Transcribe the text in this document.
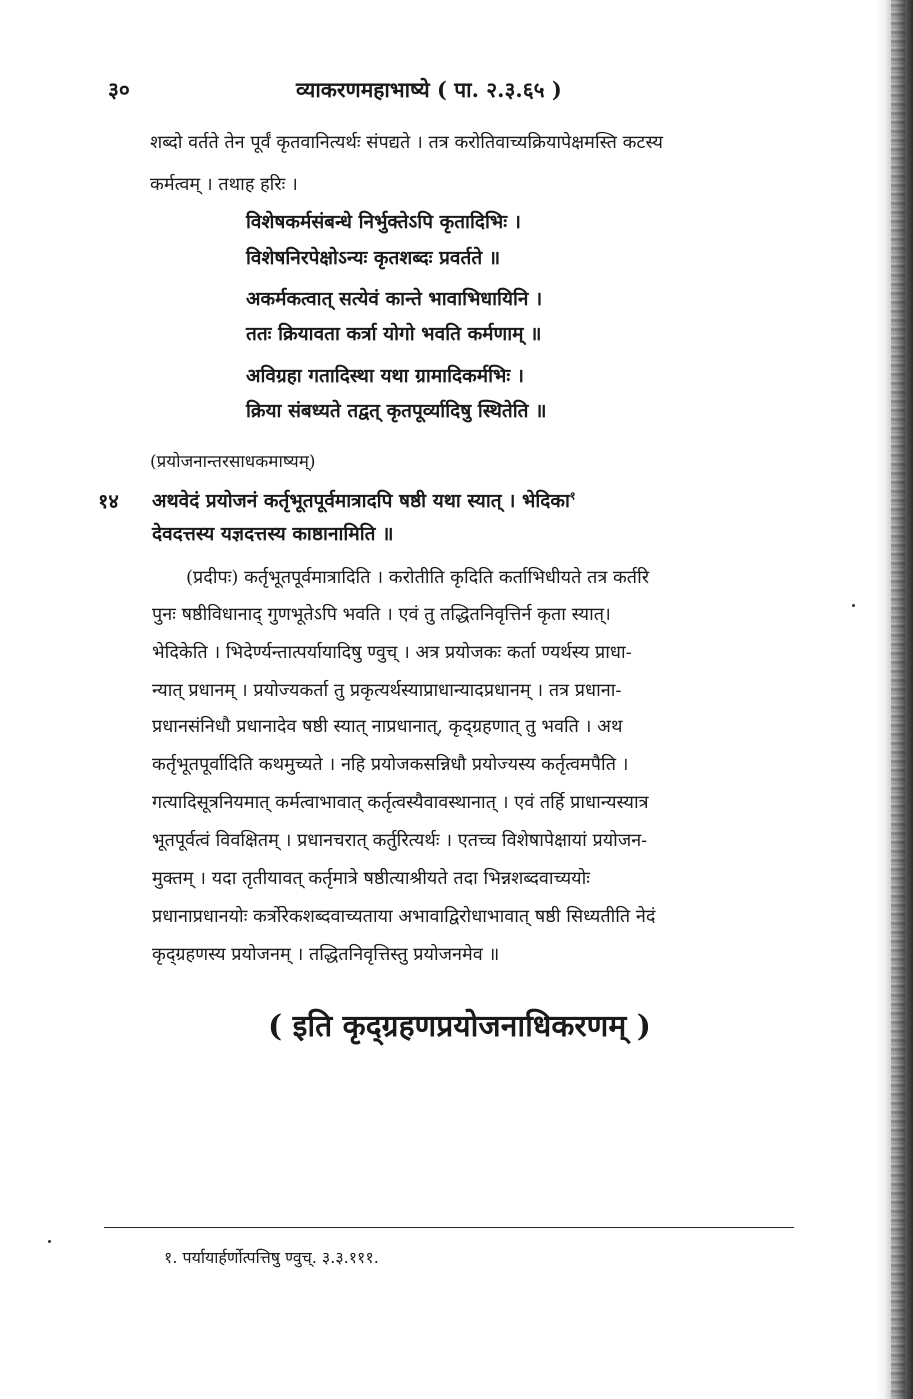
३०	व्याकरणमहाभाष्ये ( पा. २.३.६५ )
शब्दो वर्तते तेन पूर्वं कृतवानित्यर्थः संपद्यते । तत्र करोतिवाच्यक्रियापेक्षमस्ति कटस्य
कर्मत्वम् । तथाह हरिः ।
विशेषकर्मसंबन्धे निर्भुक्तेऽपि कृतादिभिः ।
विशेषनिरपेक्षोऽन्यः कृतशब्दः प्रवर्तते ॥
अकर्मकत्वात् सत्येवं कान्ते भावाभिधायिनि ।
ततः क्रियावता कर्त्रा योगो भवति कर्मणाम् ॥
अविग्रहा गतादिस्था यथा ग्रामादिकर्मभिः ।
क्रिया संबध्यते तद्वत् कृतपूर्व्यादिषु स्थितेति ॥
(प्रयोजनान्तरसाधकमाष्यम्)
१४ अथवेदं प्रयोजनं कर्तृभूतपूर्वमात्रादपि षष्ठी यथा स्यात् । भेदिका$^१$
देवदत्तस्य यज्ञदत्तस्य काष्ठानामिति ॥
(प्रदीपः) कर्तृभूतपूर्वमात्रादिति । करोतीति कृदिति कर्ताभिधीयते तत्र कर्तरि
पुनः षष्ठीविधानाद् गुणभूतेऽपि भवति । एवं तु तद्धितनिवृत्तिर्न कृता स्यात्।
भेदिकेति । भिदेर्ण्यन्तात्पर्यायादिषु ण्वुच् । अत्र प्रयोजकः कर्ता ण्यर्थस्य प्राधा-
न्यात् प्रधानम् । प्रयोज्यकर्ता तु प्रकृत्यर्थस्याप्राधान्यादप्रधानम् । तत्र प्रधाना-
प्रधानसंनिधौ प्रधानादेव षष्ठी स्यात् नाप्रधानात्, कृद्ग्रहणात् तु भवति । अथ
कर्तृभूतपूर्वादिति कथमुच्यते । नहि प्रयोजकसन्निधौ प्रयोज्यस्य कर्तृत्वमपैति ।
गत्यादिसूत्रनियमात् कर्मत्वाभावात् कर्तृत्वस्यैवावस्थानात् । एवं तर्हि प्राधान्यस्यात्र
भूतपूर्वत्वं विवक्षितम् । प्रधानचरात् कर्तुरित्यर्थः । एतच्च विशेषापेक्षायां प्रयोजन-
मुक्तम् । यदा तृतीयावत् कर्तृमात्रे षष्ठीत्याश्रीयते तदा भिन्नशब्दवाच्ययोः
प्रधानाप्रधानयोः कर्त्रोरेकशब्दवाच्यताया अभावाद्विरोधाभावात् षष्ठी सिध्यतीति नेदं
कृद्ग्रहणस्य प्रयोजनम् । तद्धितनिवृत्तिस्तु प्रयोजनमेव ॥
( इति कृद्ग्रहणप्रयोजनाधिकरणम् )
१. पर्यायार्हर्णोत्पत्तिषु ण्वुच्. ३.३.१११.
